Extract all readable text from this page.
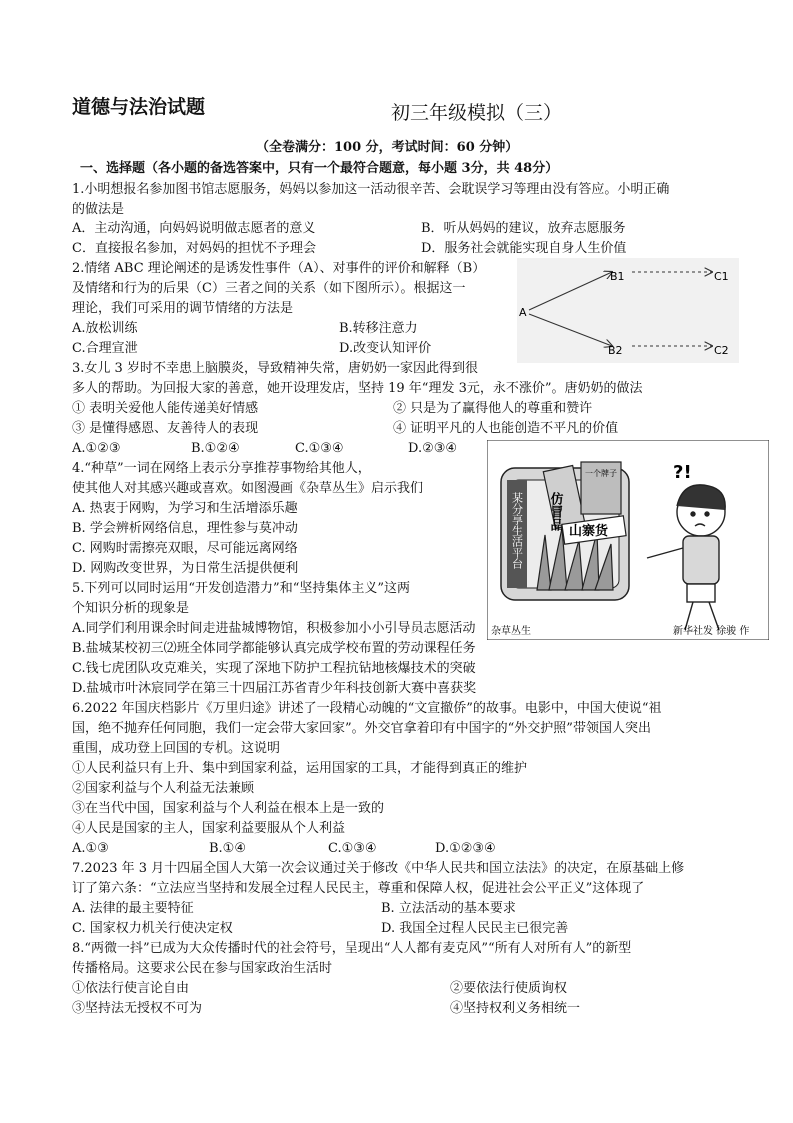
道德与法治试题	初三年级模拟（三）
（全卷满分：100 分，考试时间：60 分钟）
一、选择题（各小题的备选答案中，只有一个最符合题意，每小题 3分，共 48分）
1.小明想报名参加图书馆志愿服务，妈妈以参加这一活动很辛苦、会耽误学习等理由没有答应。小明正确
的做法是
A．主动沟通，向妈妈说明做志愿者的意义	B．听从妈妈的建议，放弃志愿服务
C．直接报名参加，对妈妈的担忧不予理会	D．服务社会就能实现自身人生价值
2.情绪 ABC 理论阐述的是诱发性事件（A）、对事件的评价和解释（B）
及情绪和行为的后果（C）三者之间的关系（如下图所示）。根据这一
理论，我们可采用的调节情绪的方法是
A.放松训练	B.转移注意力
C.合理宣泄	D.改变认知评价
A
B1	C1
B2	C2
3.女儿 3 岁时不幸患上脑膜炎，导致精神失常，唐奶奶一家因此得到很
多人的帮助。为回报大家的善意，她开设理发店，坚持 19 年“理发 3元，永不涨价”。唐奶奶的做法
① 表明关爱他人能传递美好情感	② 只是为了赢得他人的尊重和赞许
③ 是懂得感恩、友善待人的表现	④ 证明平凡的人也能创造不平凡的价值
A.①②③	B.①②④	C.①③④	D.②③④
4.“种草”一词在网络上表示分享推荐事物给其他人，
使其他人对其感兴趣或喜欢。如图漫画《杂草丛生》启示我们
A. 热衷于网购，为学习和生活增添乐趣
B. 学会辨析网络信息，理性参与莫冲动
C. 网购时需擦亮双眼，尽可能远离网络
D. 网购改变世界，为日常生活提供便利	某分享生活平台 仿冒品
一个牌子
山寨货
?!
杂草丛生	新华社发 徐骏 作
5.下列可以同时运用“开发创造潜力”和“坚持集体主义”这两
个知识分析的现象是
A.同学们利用课余时间走进盐城博物馆，积极参加小小引导员志愿活动
B.盐城某校初三⑵班全体同学都能够认真完成学校布置的劳动课程任务
C.钱七虎团队攻克难关，实现了深地下防护工程抗钻地核爆技术的突破
D.盐城市叶沐宸同学在第三十四届江苏省青少年科技创新大赛中喜获奖
6.2022 年国庆档影片《万里归途》讲述了一段精心动魄的“文宣撤侨”的故事。电影中，中国大使说“祖
国，绝不抛弃任何同胞，我们一定会带大家回家”。外交官拿着印有中国字的“外交护照”带领国人突出
重围，成功登上回国的专机。这说明
①人民利益只有上升、集中到国家利益，运用国家的工具，才能得到真正的维护
②国家利益与个人利益无法兼顾
③在当代中国，国家利益与个人利益在根本上是一致的
④人民是国家的主人，国家利益要服从个人利益
A.①③	B.①④	C.①③④	D.①②③④
7.2023 年 3 月十四届全国人大第一次会议通过关于修改《中华人民共和国立法法》的决定，在原基础上修
订了第六条：“立法应当坚持和发展全过程人民民主，尊重和保障人权，促进社会公平正义”这体现了
A. 法律的最主要特征	B. 立法活动的基本要求
C. 国家权力机关行使决定权	D. 我国全过程人民民主已很完善
8.“两微一抖”已成为大众传播时代的社会符号，呈现出“人人都有麦克风”“所有人对所有人”的新型
传播格局。这要求公民在参与国家政治生活时
①依法行使言论自由	②要依法行使质询权
③坚持法无授权不可为	④坚持权利义务相统一
